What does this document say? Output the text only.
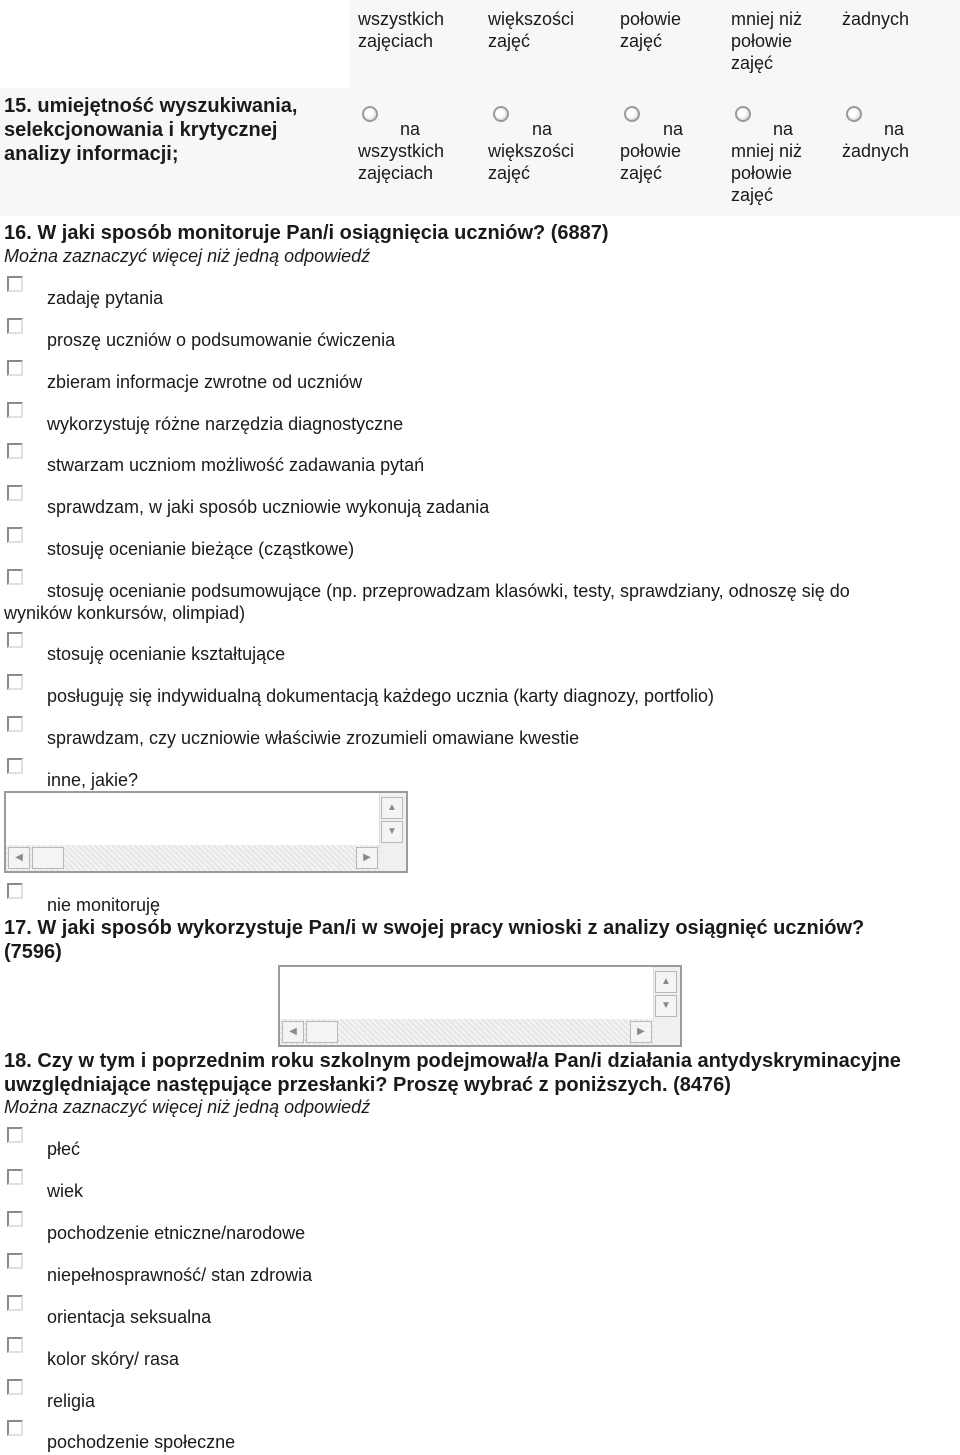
wszystkich zajęciach
większości zajęć
połowie zajęć
mniej niż połowie zajęć
żadnych
15. umiejętność wyszukiwania, selekcjonowania i krytycznej analizy informacji;
na
wszystkich zajęciach
na
większości zajęć
na
połowie zajęć
na
mniej niż połowie zajęć
na
żadnych
16. W jaki sposób monitoruje Pan/i osiągnięcia uczniów? (6887)
Można zaznaczyć więcej niż jedną odpowiedź
zadaję pytania
proszę uczniów o podsumowanie ćwiczenia
zbieram informacje zwrotne od uczniów
wykorzystuję różne narzędzia diagnostyczne
stwarzam uczniom możliwość zadawania pytań
sprawdzam, w jaki sposób uczniowie wykonują zadania
stosuję ocenianie bieżące (cząstkowe)
stosuję ocenianie podsumowujące (np. przeprowadzam klasówki, testy, sprawdziany, odnoszę się do
wyników konkursów, olimpiad)
stosuję ocenianie kształtujące
posługuję się indywidualną dokumentacją każdego ucznia (karty diagnozy, portfolio)
sprawdzam, czy uczniowie właściwie zrozumieli omawiane kwestie
inne, jakie?
▲
▼
◀	▶
nie monitoruję
17. W jaki sposób wykorzystuje Pan/i w swojej pracy wnioski z analizy osiągnięć uczniów?
(7596)
▲
▼
◀	▶
18. Czy w tym i poprzednim roku szkolnym podejmował/a Pan/i działania antydyskryminacyjne
uwzględniające następujące przesłanki? Proszę wybrać z poniższych. (8476)
Można zaznaczyć więcej niż jedną odpowiedź
płeć
wiek
pochodzenie etniczne/narodowe
niepełnosprawność/ stan zdrowia
orientacja seksualna
kolor skóry/ rasa
religia
pochodzenie społeczne
